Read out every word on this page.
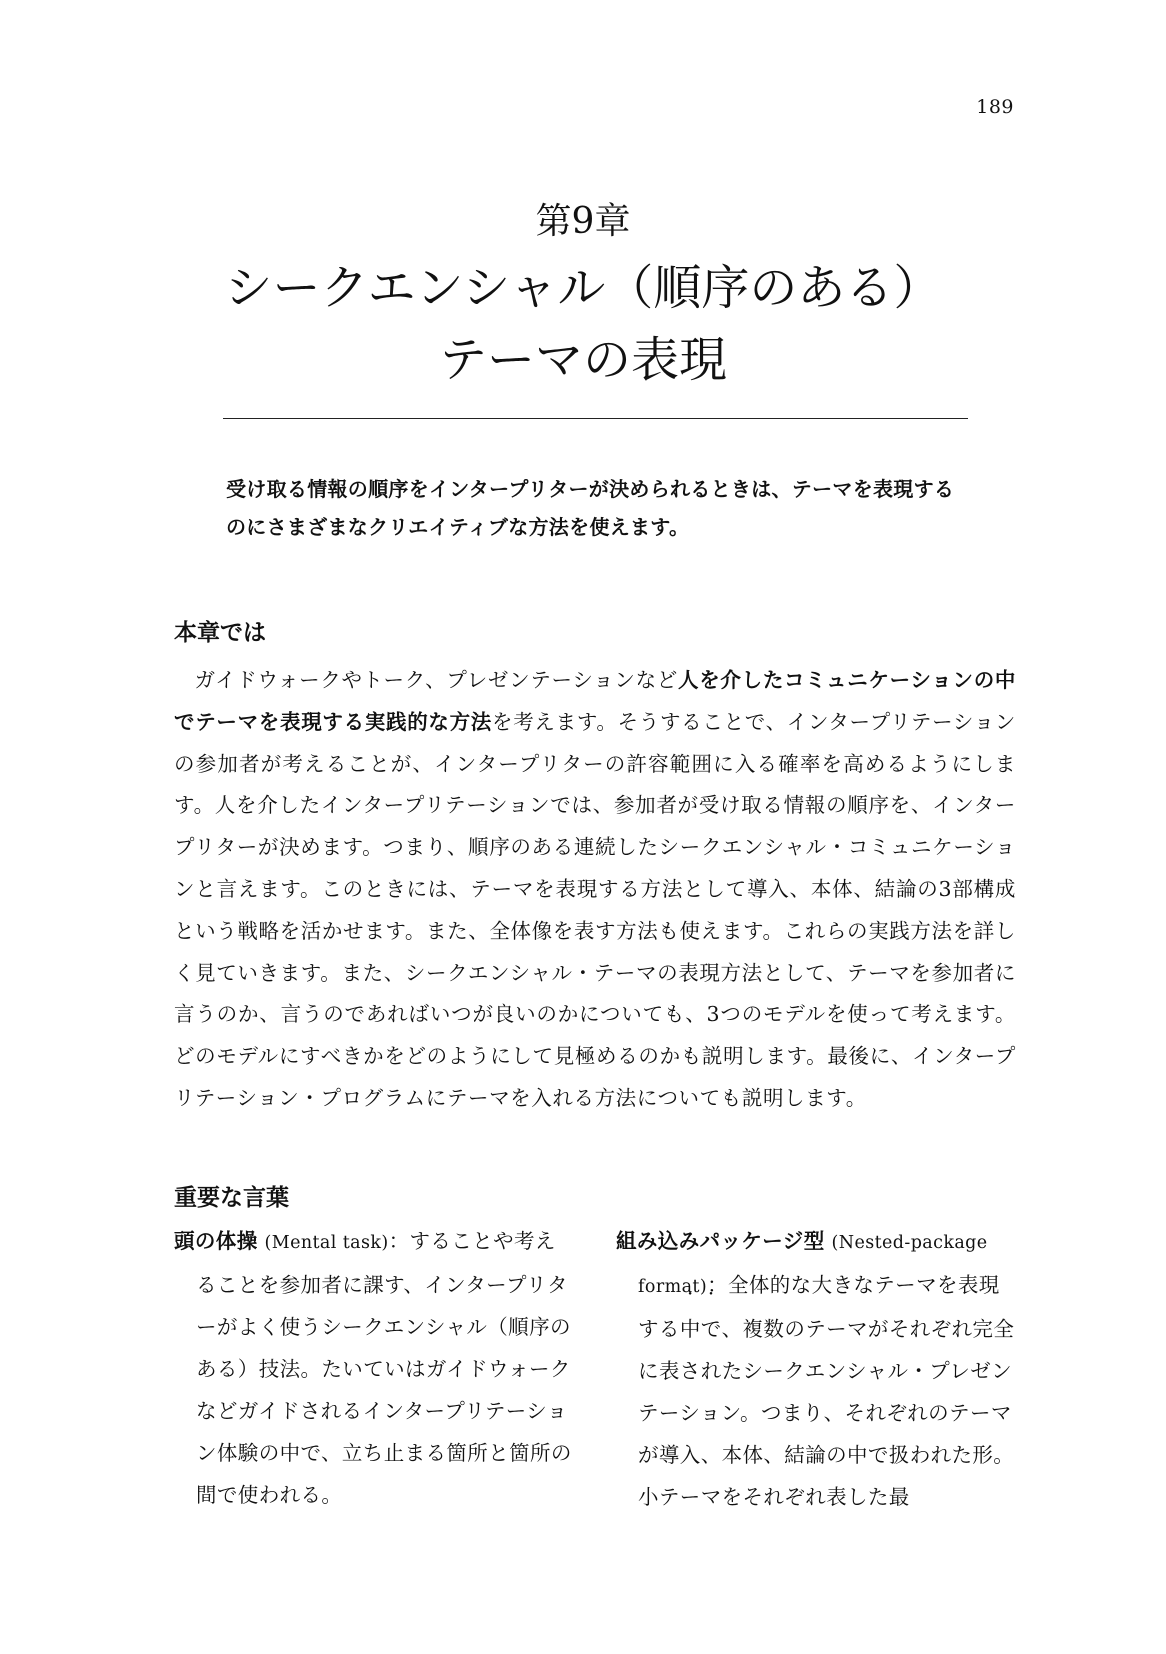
189
第9章
シークエンシャル（順序のある）
テーマの表現
受け取る情報の順序をインタープリターが決められるときは、テーマを表現するのにさまざまなクリエイティブな方法を使えます。
本章では

ガイドウォークやトーク、プレゼンテーションなど人を介したコミュニケーションの中でテーマを表現する実践的な方法を考えます。そうすることで、インタープリテーションの参加者が考えることが、インタープリターの許容範囲に入る確率を高めるようにします。人を介したインタープリテーションでは、参加者が受け取る情報の順序を、インタープリターが決めます。つまり、順序のある連続したシークエンシャル・コミュニケーションと言えます。このときには、テーマを表現する方法として導入、本体、結論の3部構成という戦略を活かせます。また、全体像を表す方法も使えます。これらの実践方法を詳しく見ていきます。また、シークエンシャル・テーマの表現方法として、テーマを参加者に言うのか、言うのであればいつが良いのかについても、3つのモデルを使って考えます。どのモデルにすべきかをどのようにして見極めるのかも説明します。最後に、インタープリテーション・プログラムにテーマを入れる方法についても説明します。

重要な言葉

頭の体操 (Mental task)：することや考えることを参加者に課す、インタープリターがよく使うシークエンシャル（順序のある）技法。たいていはガイドウォークなどガイドされるインタープリテーション体験の中で、立ち止まる箇所と箇所の間で使われる。

組み込みパッケージ型 (Nested-package format)：全体的な大きなテーマを表現する・ 中・ で、複数のテーマがそれぞれ完全に表されたシークエンシャル・プレゼンテーション。つまり、それぞれのテーマが導入、本体、結論の中で扱われた形。小テーマをそれぞれ表した最
